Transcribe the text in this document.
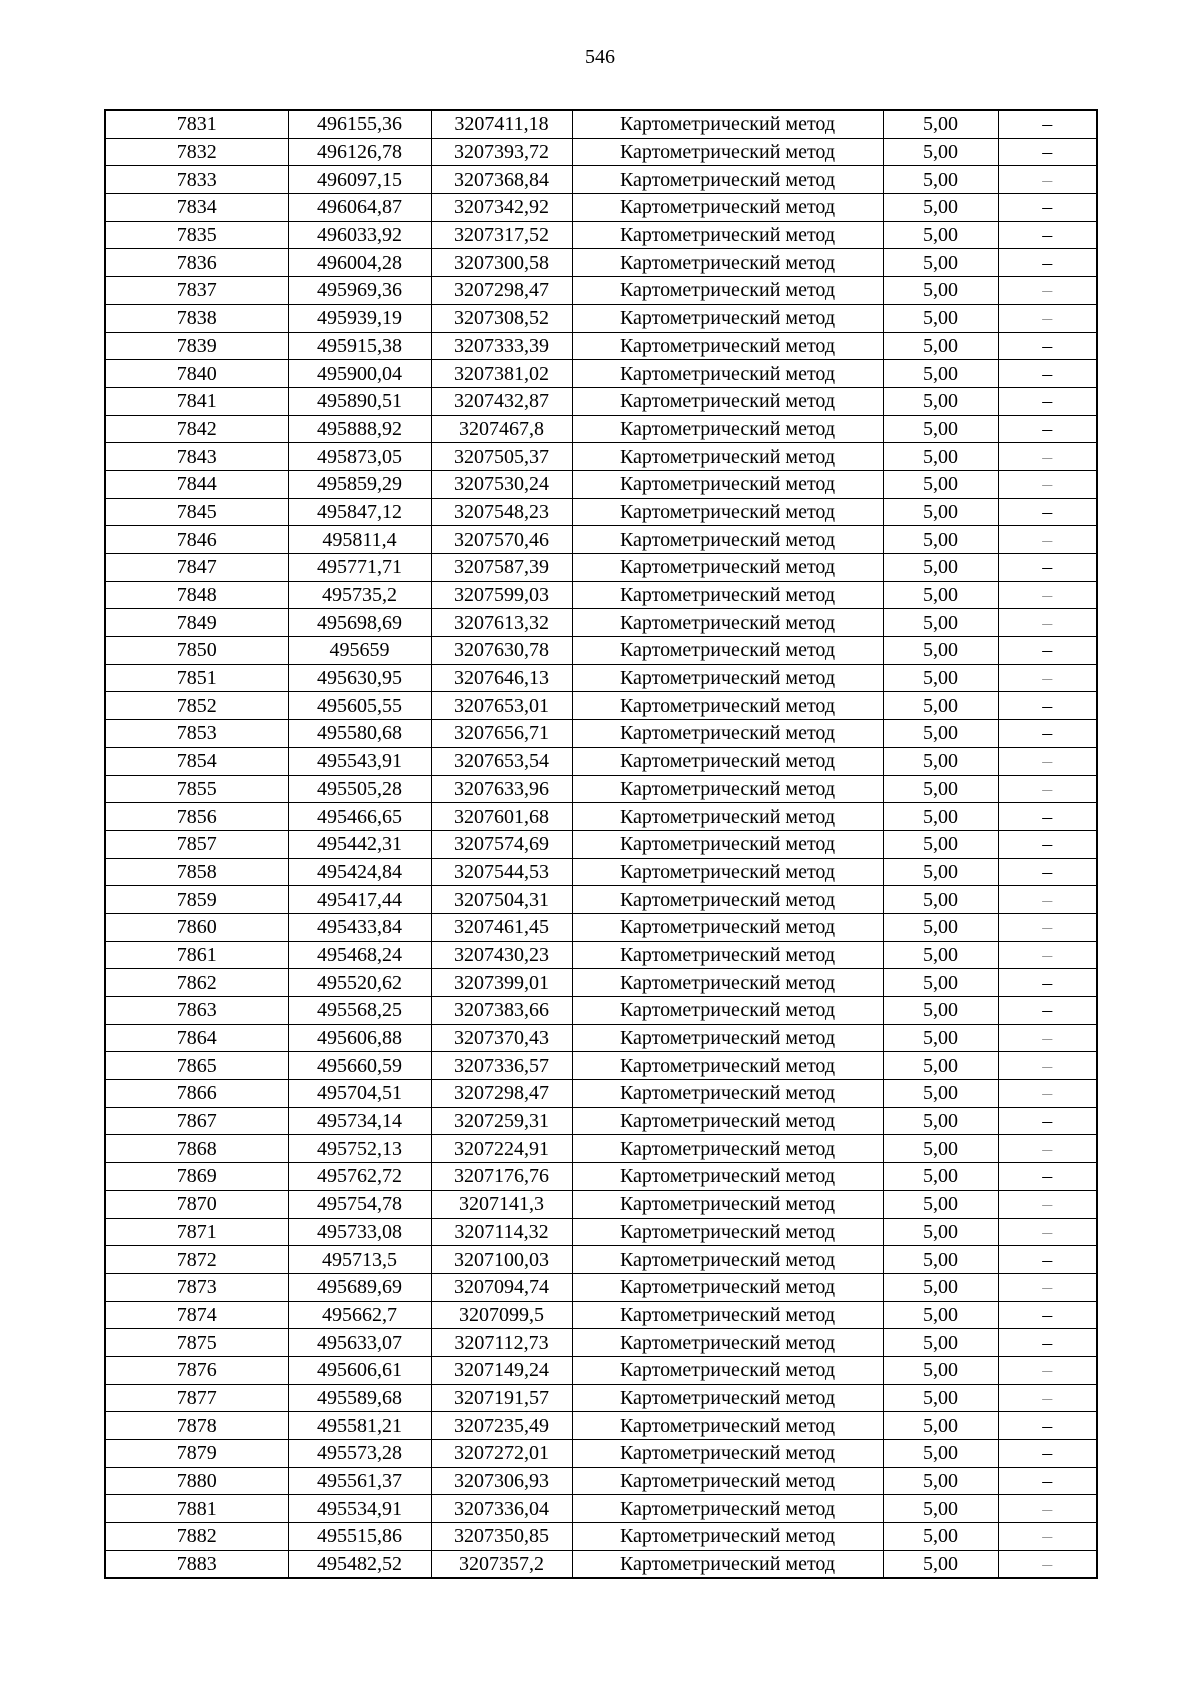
546
7831	496155,36	3207411,18	Картометрический метод	5,00	–
7832	496126,78	3207393,72	Картометрический метод	5,00	–
7833	496097,15	3207368,84	Картометрический метод	5,00	–
7834	496064,87	3207342,92	Картометрический метод	5,00	–
7835	496033,92	3207317,52	Картометрический метод	5,00	–
7836	496004,28	3207300,58	Картометрический метод	5,00	–
7837	495969,36	3207298,47	Картометрический метод	5,00	–
7838	495939,19	3207308,52	Картометрический метод	5,00	–
7839	495915,38	3207333,39	Картометрический метод	5,00	–
7840	495900,04	3207381,02	Картометрический метод	5,00	–
7841	495890,51	3207432,87	Картометрический метод	5,00	–
7842	495888,92	3207467,8	Картометрический метод	5,00	–
7843	495873,05	3207505,37	Картометрический метод	5,00	–
7844	495859,29	3207530,24	Картометрический метод	5,00	–
7845	495847,12	3207548,23	Картометрический метод	5,00	–
7846	495811,4	3207570,46	Картометрический метод	5,00	–
7847	495771,71	3207587,39	Картометрический метод	5,00	–
7848	495735,2	3207599,03	Картометрический метод	5,00	–
7849	495698,69	3207613,32	Картометрический метод	5,00	–
7850	495659	3207630,78	Картометрический метод	5,00	–
7851	495630,95	3207646,13	Картометрический метод	5,00	–
7852	495605,55	3207653,01	Картометрический метод	5,00	–
7853	495580,68	3207656,71	Картометрический метод	5,00	–
7854	495543,91	3207653,54	Картометрический метод	5,00	–
7855	495505,28	3207633,96	Картометрический метод	5,00	–
7856	495466,65	3207601,68	Картометрический метод	5,00	–
7857	495442,31	3207574,69	Картометрический метод	5,00	–
7858	495424,84	3207544,53	Картометрический метод	5,00	–
7859	495417,44	3207504,31	Картометрический метод	5,00	–
7860	495433,84	3207461,45	Картометрический метод	5,00	–
7861	495468,24	3207430,23	Картометрический метод	5,00	–
7862	495520,62	3207399,01	Картометрический метод	5,00	–
7863	495568,25	3207383,66	Картометрический метод	5,00	–
7864	495606,88	3207370,43	Картометрический метод	5,00	–
7865	495660,59	3207336,57	Картометрический метод	5,00	–
7866	495704,51	3207298,47	Картометрический метод	5,00	–
7867	495734,14	3207259,31	Картометрический метод	5,00	–
7868	495752,13	3207224,91	Картометрический метод	5,00	–
7869	495762,72	3207176,76	Картометрический метод	5,00	–
7870	495754,78	3207141,3	Картометрический метод	5,00	–
7871	495733,08	3207114,32	Картометрический метод	5,00	–
7872	495713,5	3207100,03	Картометрический метод	5,00	–
7873	495689,69	3207094,74	Картометрический метод	5,00	–
7874	495662,7	3207099,5	Картометрический метод	5,00	–
7875	495633,07	3207112,73	Картометрический метод	5,00	–
7876	495606,61	3207149,24	Картометрический метод	5,00	–
7877	495589,68	3207191,57	Картометрический метод	5,00	–
7878	495581,21	3207235,49	Картометрический метод	5,00	–
7879	495573,28	3207272,01	Картометрический метод	5,00	–
7880	495561,37	3207306,93	Картометрический метод	5,00	–
7881	495534,91	3207336,04	Картометрический метод	5,00	–
7882	495515,86	3207350,85	Картометрический метод	5,00	–
7883	495482,52	3207357,2	Картометрический метод	5,00	–
